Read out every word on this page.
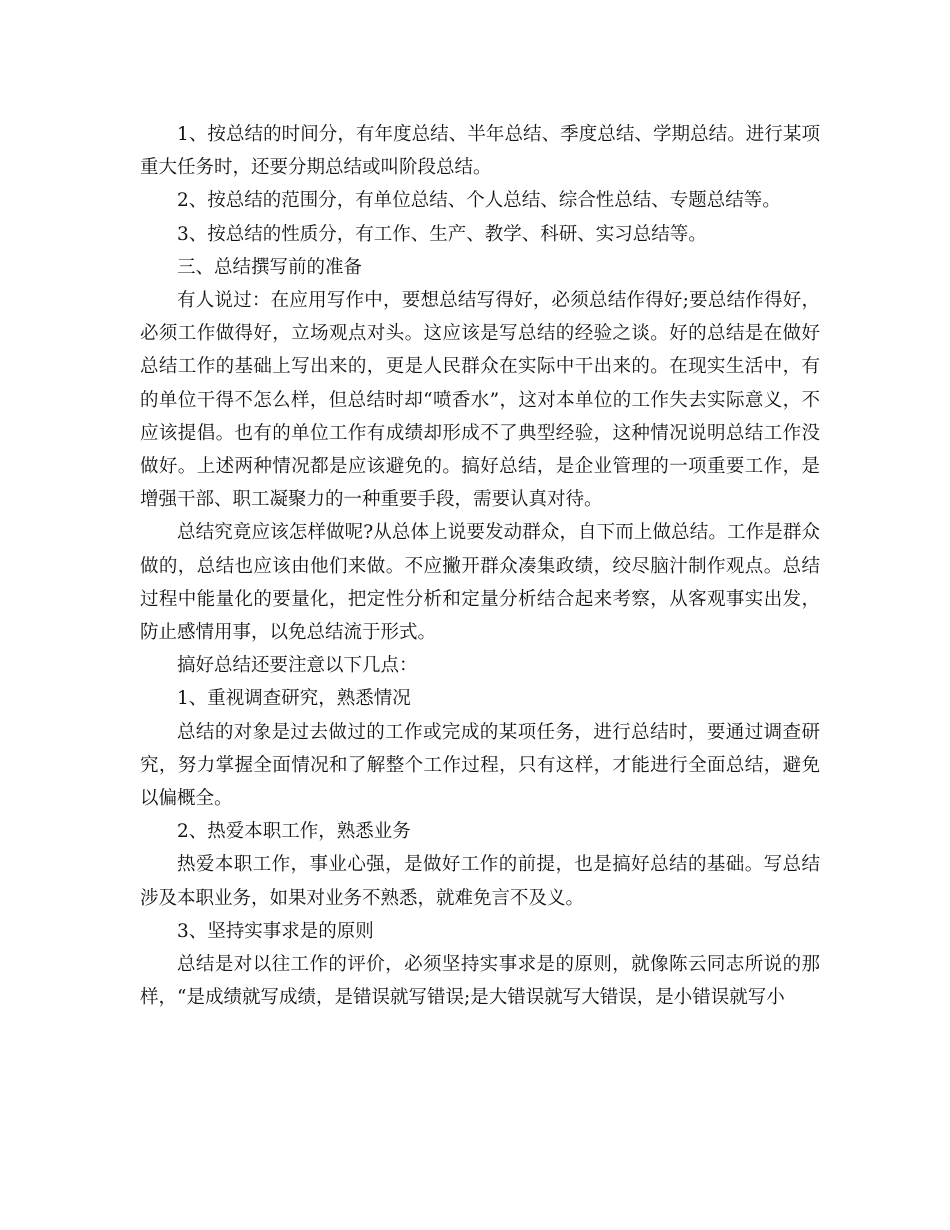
1、按总结的时间分，有年度总结、半年总结、季度总结、学期总结。进行某项重大任务时，还要分期总结或叫阶段总结。

2、按总结的范围分，有单位总结、个人总结、综合性总结、专题总结等。

3、按总结的性质分，有工作、生产、教学、科研、实习总结等。

三、总结撰写前的准备

有人说过：在应用写作中，要想总结写得好，必须总结作得好;要总结作得好，必须工作做得好，立场观点对头。这应该是写总结的经验之谈。好的总结是在做好总结工作的基础上写出来的，更是人民群众在实际中干出来的。在现实生活中，有的单位干得不怎么样，但总结时却“喷香水”，这对本单位的工作失去实际意义，不应该提倡。也有的单位工作有成绩却形成不了典型经验，这种情况说明总结工作没做好。上述两种情况都是应该避免的。搞好总结，是企业管理的一项重要工作，是增强干部、职工凝聚力的一种重要手段，需要认真对待。

总结究竟应该怎样做呢?从总体上说要发动群众，自下而上做总结。工作是群众做的，总结也应该由他们来做。不应撇开群众凑集政绩，绞尽脑汁制作观点。总结过程中能量化的要量化，把定性分析和定量分析结合起来考察，从客观事实出发，防止感情用事，以免总结流于形式。

搞好总结还要注意以下几点：

1、重视调查研究，熟悉情况

总结的对象是过去做过的工作或完成的某项任务，进行总结时，要通过调查研究，努力掌握全面情况和了解整个工作过程，只有这样，才能进行全面总结，避免以偏概全。

2、热爱本职工作，熟悉业务

热爱本职工作，事业心强，是做好工作的前提，也是搞好总结的基础。写总结涉及本职业务，如果对业务不熟悉，就难免言不及义。

3、坚持实事求是的原则

总结是对以往工作的评价，必须坚持实事求是的原则，就像陈云同志所说的那样，“是成绩就写成绩，是错误就写错误;是大错误就写大错误，是小错误就写小
